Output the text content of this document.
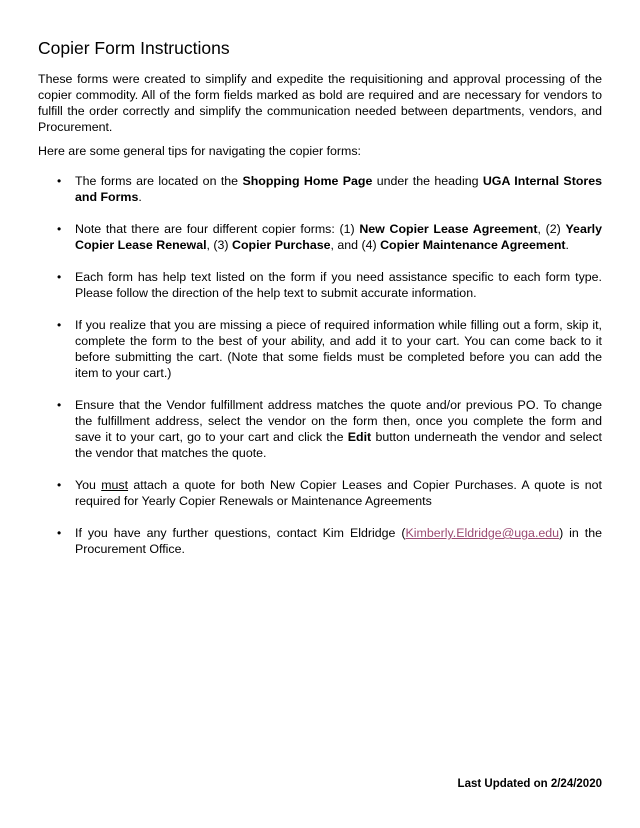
Copier Form Instructions

These forms were created to simplify and expedite the requisitioning and approval processing of the copier commodity. All of the form fields marked as bold are required and are necessary for vendors to fulfill the order correctly and simplify the communication needed between departments, vendors, and Procurement.

Here are some general tips for navigating the copier forms:

• The forms are located on the Shopping Home Page under the heading UGA Internal Stores and Forms.
• Note that there are four different copier forms: (1) New Copier Lease Agreement, (2) Yearly Copier Lease Renewal, (3) Copier Purchase, and (4) Copier Maintenance Agreement.
• Each form has help text listed on the form if you need assistance specific to each form type. Please follow the direction of the help text to submit accurate information.
• If you realize that you are missing a piece of required information while filling out a form, skip it, complete the form to the best of your ability, and add it to your cart. You can come back to it before submitting the cart. (Note that some fields must be completed before you can add the item to your cart.)
• Ensure that the Vendor fulfillment address matches the quote and/or previous PO. To change the fulfillment address, select the vendor on the form then, once you complete the form and save it to your cart, go to your cart and click the Edit button underneath the vendor and select the vendor that matches the quote.
• You must attach a quote for both New Copier Leases and Copier Purchases. A quote is not required for Yearly Copier Renewals or Maintenance Agreements
• If you have any further questions, contact Kim Eldridge (Kimberly.Eldridge@uga.edu) in the Procurement Office.
Last Updated on 2/24/2020
